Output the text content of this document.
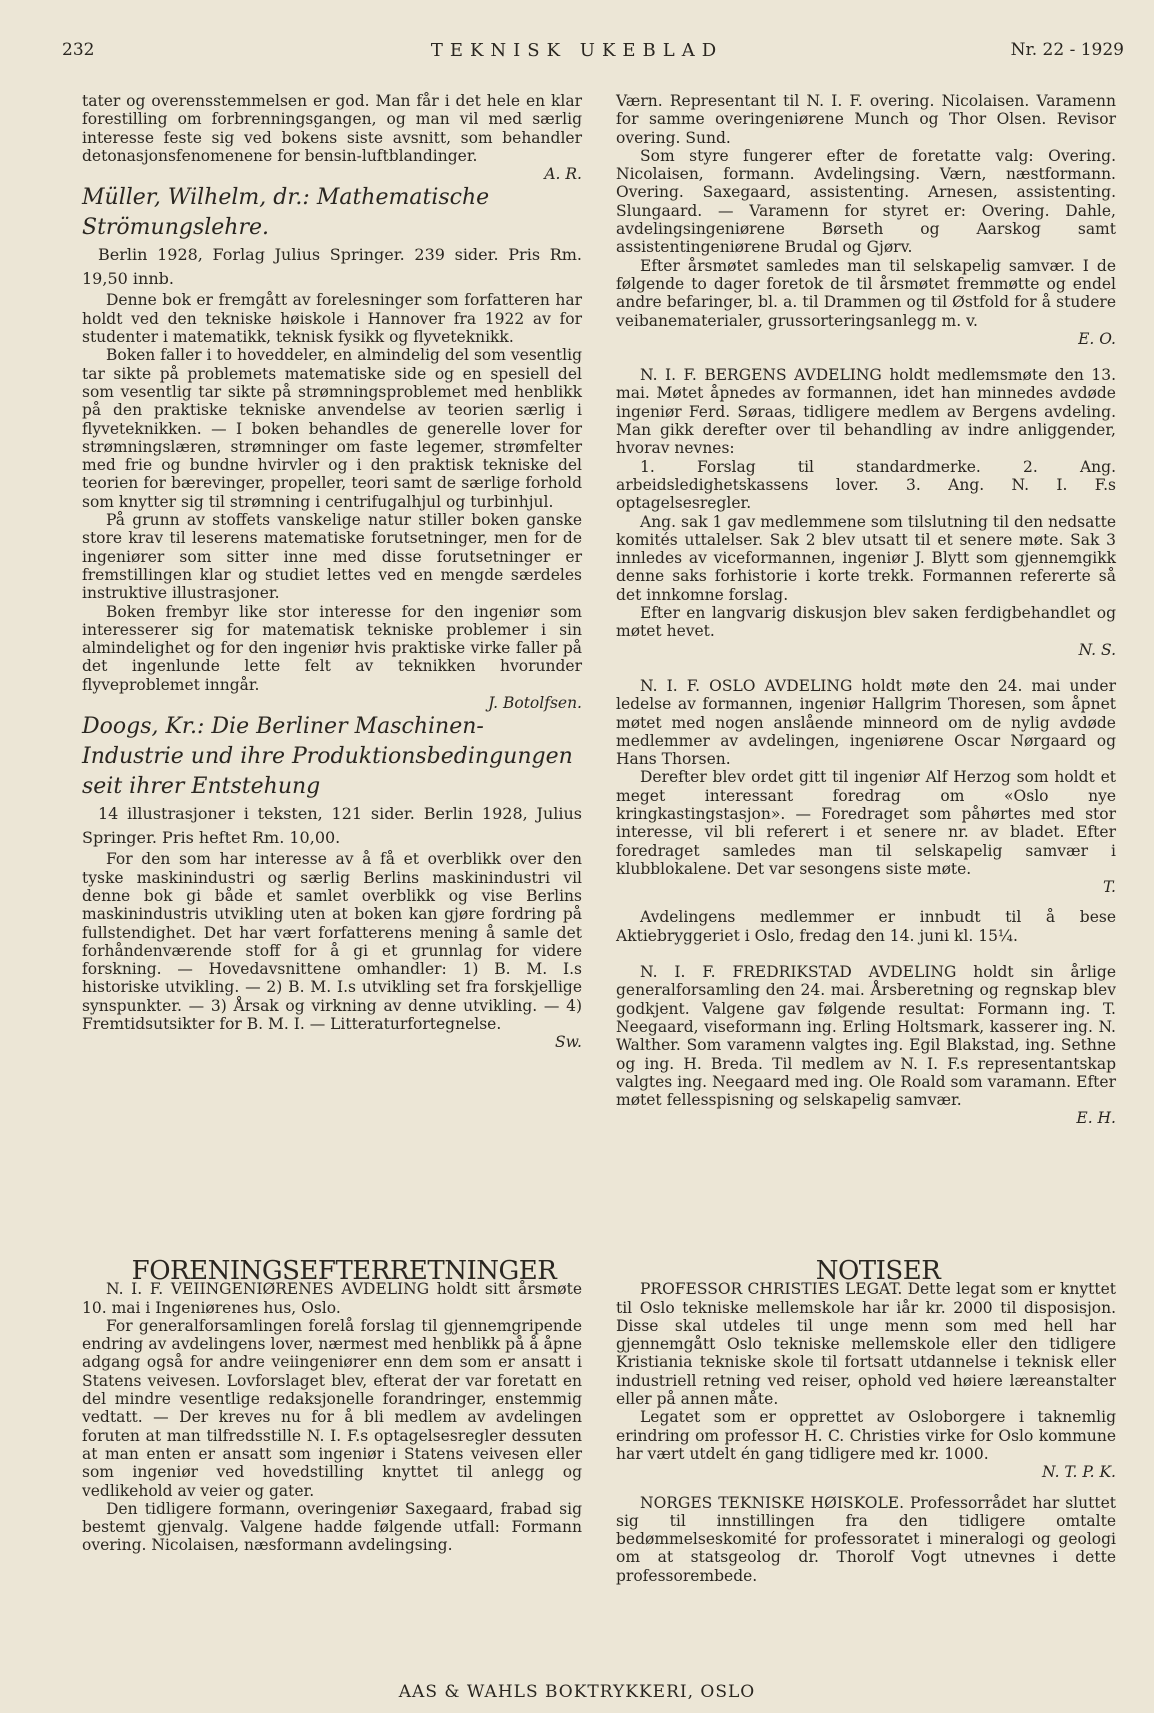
232	TEKNISK UKEBLAD	Nr. 22 - 1929

tater og overensstemmelsen er god. Man får i det hele en klar forestilling om forbrenningsgangen, og man vil med særlig interesse feste sig ved bokens siste avsnitt, som behandler detonasjonsfenomenene for bensin-luftblandinger.

A. R.

Müller, Wilhelm, dr.: Mathematische Strömungslehre.

Berlin 1928, Forlag Julius Springer. 239 sider. Pris Rm. 19,50 innb.

Denne bok er fremgått av forelesninger som forfatteren har holdt ved den tekniske høiskole i Hannover fra 1922 av for studenter i matematikk, teknisk fysikk og flyveteknikk.

Boken faller i to hoveddeler, en almindelig del som vesentlig tar sikte på problemets matematiske side og en spesiell del som vesentlig tar sikte på strømningsproblemet med henblikk på den praktiske tekniske anvendelse av teorien særlig i flyveteknikken. — I boken behandles de generelle lover for strømningslæren, strømninger om faste legemer, strømfelter med frie og bundne hvirvler og i den praktisk tekniske del teorien for bærevinger, propeller, teori samt de særlige forhold som knytter sig til strømning i centrifugalhjul og turbinhjul.

På grunn av stoffets vanskelige natur stiller boken ganske store krav til leserens matematiske forutsetninger, men for de ingeniører som sitter inne med disse forutsetninger er fremstillingen klar og studiet lettes ved en mengde særdeles instruktive illustrasjoner.

Boken frembyr like stor interesse for den ingeniør som interesserer sig for matematisk tekniske problemer i sin almindelighet og for den ingeniør hvis praktiske virke faller på det ingenlunde lette felt av teknikken hvorunder flyveproblemet inngår.

J. Botolfsen.

Doogs, Kr.: Die Berliner Maschinen-Industrie und ihre Produktionsbedingungen seit ihrer Entstehung

14 illustrasjoner i teksten, 121 sider. Berlin 1928, Julius Springer. Pris heftet Rm. 10,00.

For den som har interesse av å få et overblikk over den tyske maskinindustri og særlig Berlins maskinindustri vil denne bok gi både et samlet overblikk og vise Berlins maskinindustris utvikling uten at boken kan gjøre fordring på fullstendighet. Det har vært forfatterens mening å samle det forhåndenværende stoff for å gi et grunnlag for videre forskning. — Hovedavsnittene omhandler: 1) B. M. I.s historiske utvikling. — 2) B. M. I.s utvikling set fra forskjellige synspunkter. — 3) Årsak og virkning av denne utvikling. — 4) Fremtidsutsikter for B. M. I. — Litteraturfortegnelse.

Sw.

Værn. Representant til N. I. F. overing. Nicolaisen. Varamenn for samme overingeniørene Munch og Thor Olsen. Revisor overing. Sund.

Som styre fungerer efter de foretatte valg: Overing. Nicolaisen, formann. Avdelingsing. Værn, næstformann. Overing. Saxegaard, assistenting. Arnesen, assistenting. Slungaard. — Varamenn for styret er: Overing. Dahle, avdelingsingeniørene Børseth og Aarskog samt assistentingeniørene Brudal og Gjørv.

Efter årsmøtet samledes man til selskapelig samvær. I de følgende to dager foretok de til årsmøtet fremmøtte og endel andre befaringer, bl. a. til Drammen og til Østfold for å studere veibanematerialer, grussorteringsanlegg m. v.

E. O.

N. I. F. BERGENS AVDELING holdt medlemsmøte den 13. mai. Møtet åpnedes av formannen, idet han minnedes avdøde ingeniør Ferd. Søraas, tidligere medlem av Bergens avdeling. Man gikk derefter over til behandling av indre anliggender, hvorav nevnes:

1. Forslag til standardmerke. 2. Ang. arbeidsledighetskassens lover. 3. Ang. N. I. F.s optagelsesregler.

Ang. sak 1 gav medlemmene som tilslutning til den nedsatte komités uttalelser. Sak 2 blev utsatt til et senere møte. Sak 3 innledes av viceformannen, ingeniør J. Blytt som gjennemgikk denne saks forhistorie i korte trekk. Formannen refererte så det innkomne forslag.

Efter en langvarig diskusjon blev saken ferdigbehandlet og møtet hevet.

N. S.

N. I. F. OSLO AVDELING holdt møte den 24. mai under ledelse av formannen, ingeniør Hallgrim Thoresen, som åpnet møtet med nogen anslående minneord om de nylig avdøde medlemmer av avdelingen, ingeniørene Oscar Nørgaard og Hans Thorsen.

Derefter blev ordet gitt til ingeniør Alf Herzog som holdt et meget interessant foredrag om «Oslo nye kringkastingstasjon». — Foredraget som påhørtes med stor interesse, vil bli referert i et senere nr. av bladet. Efter foredraget samledes man til selskapelig samvær i klubblokalene. Det var sesongens siste møte.

T.

Avdelingens medlemmer er innbudt til å bese Aktiebryggeriet i Oslo, fredag den 14. juni kl. 15¼.

N. I. F. FREDRIKSTAD AVDELING holdt sin årlige generalforsamling den 24. mai. Årsberetning og regnskap blev godkjent. Valgene gav følgende resultat: Formann ing. T. Neegaard, viseformann ing. Erling Holtsmark, kasserer ing. N. Walther. Som varamenn valgtes ing. Egil Blakstad, ing. Sethne og ing. H. Breda. Til medlem av N. I. F.s representantskap valgtes ing. Neegaard med ing. Ole Roald som varamann. Efter møtet fellesspisning og selskapelig samvær.

E. H.

FORENINGSEFTERRETNINGER

N. I. F. VEIINGENIØRENES AVDELING holdt sitt årsmøte 10. mai i Ingeniørenes hus, Oslo.

For generalforsamlingen forelå forslag til gjennemgripende endring av avdelingens lover, nærmest med henblikk på å åpne adgang også for andre veiingeniører enn dem som er ansatt i Statens veivesen. Lovforslaget blev, efterat der var foretatt en del mindre vesentlige redaksjonelle forandringer, enstemmig vedtatt. — Der kreves nu for å bli medlem av avdelingen foruten at man tilfredsstille N. I. F.s optagelsesregler dessuten at man enten er ansatt som ingeniør i Statens veivesen eller som ingeniør ved hovedstilling knyttet til anlegg og vedlikehold av veier og gater.

Den tidligere formann, overingeniør Saxegaard, frabad sig bestemt gjenvalg. Valgene hadde følgende utfall: Formann overing. Nicolaisen, næsformann avdelingsing.

NOTISER

PROFESSOR CHRISTIES LEGAT. Dette legat som er knyttet til Oslo tekniske mellemskole har iår kr. 2000 til disposisjon. Disse skal utdeles til unge menn som med hell har gjennemgått Oslo tekniske mellemskole eller den tidligere Kristiania tekniske skole til fortsatt utdannelse i teknisk eller industriell retning ved reiser, ophold ved høiere læreanstalter eller på annen måte.

Legatet som er opprettet av Osloborgere i taknemlig erindring om professor H. C. Christies virke for Oslo kommune har vært utdelt én gang tidligere med kr. 1000.

N. T. P. K.

NORGES TEKNISKE HØISKOLE. Professorrådet har sluttet sig til innstillingen fra den tidligere omtalte bedømmelseskomité for professoratet i mineralogi og geologi om at statsgeolog dr. Thorolf Vogt utnevnes i dette professorembede.

AAS & WAHLS BOKTRYKKERI, OSLO
